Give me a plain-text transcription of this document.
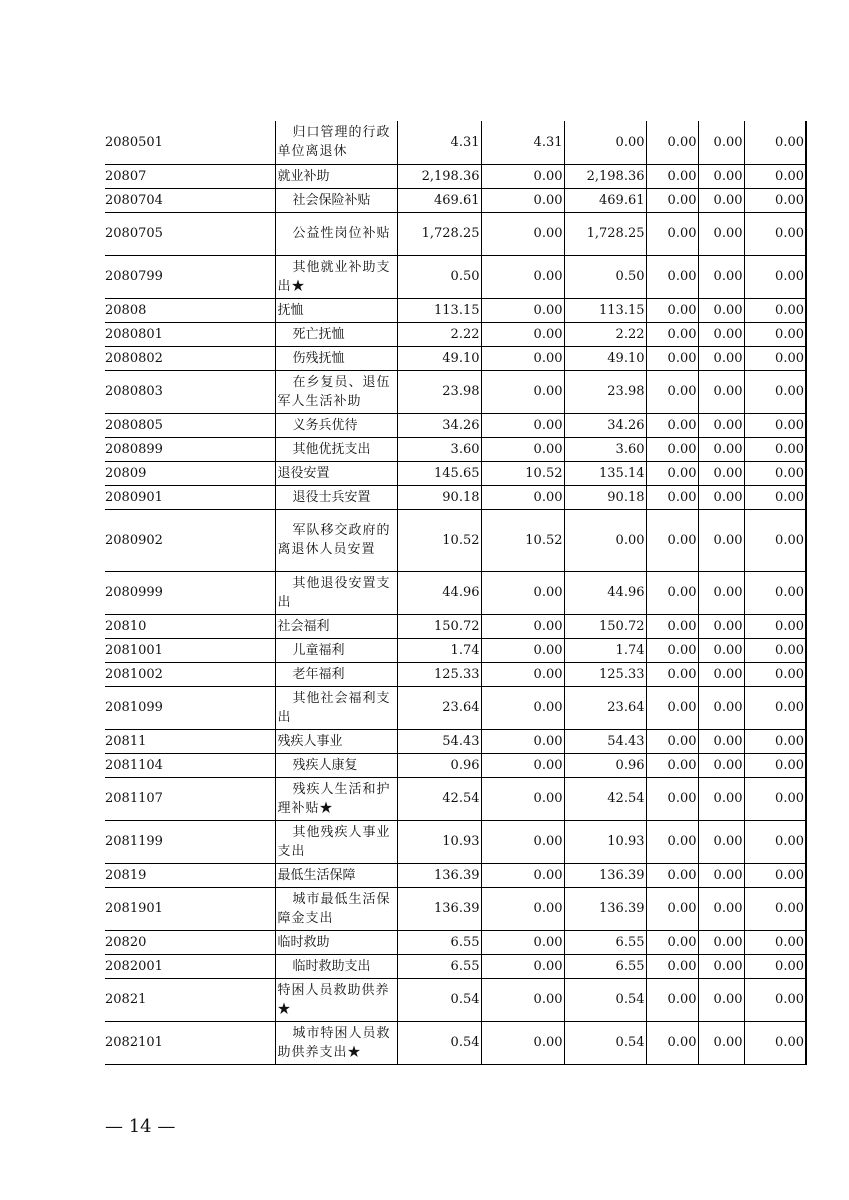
2080501	归口管理的行政单位离退休	4.31	4.31	0.00	0.00	0.00	0.00
20807	就业补助	2,198.36	0.00	2,198.36	0.00	0.00	0.00
2080704	社会保险补贴	469.61	0.00	469.61	0.00	0.00	0.00
2080705	公益性岗位补贴	1,728.25	0.00	1,728.25	0.00	0.00	0.00
2080799	其他就业补助支出★	0.50	0.00	0.50	0.00	0.00	0.00
20808	抚恤	113.15	0.00	113.15	0.00	0.00	0.00
2080801	死亡抚恤	2.22	0.00	2.22	0.00	0.00	0.00
2080802	伤残抚恤	49.10	0.00	49.10	0.00	0.00	0.00
2080803	在乡复员、退伍军人生活补助	23.98	0.00	23.98	0.00	0.00	0.00
2080805	义务兵优待	34.26	0.00	34.26	0.00	0.00	0.00
2080899	其他优抚支出	3.60	0.00	3.60	0.00	0.00	0.00
20809	退役安置	145.65	10.52	135.14	0.00	0.00	0.00
2080901	退役士兵安置	90.18	0.00	90.18	0.00	0.00	0.00
2080902	军队移交政府的离退休人员安置	10.52	10.52	0.00	0.00	0.00	0.00
2080999	其他退役安置支出	44.96	0.00	44.96	0.00	0.00	0.00
20810	社会福利	150.72	0.00	150.72	0.00	0.00	0.00
2081001	儿童福利	1.74	0.00	1.74	0.00	0.00	0.00
2081002	老年福利	125.33	0.00	125.33	0.00	0.00	0.00
2081099	其他社会福利支出	23.64	0.00	23.64	0.00	0.00	0.00
20811	残疾人事业	54.43	0.00	54.43	0.00	0.00	0.00
2081104	残疾人康复	0.96	0.00	0.96	0.00	0.00	0.00
2081107	残疾人生活和护理补贴★	42.54	0.00	42.54	0.00	0.00	0.00
2081199	其他残疾人事业支出	10.93	0.00	10.93	0.00	0.00	0.00
20819	最低生活保障	136.39	0.00	136.39	0.00	0.00	0.00
2081901	城市最低生活保障金支出	136.39	0.00	136.39	0.00	0.00	0.00
20820	临时救助	6.55	0.00	6.55	0.00	0.00	0.00
2082001	临时救助支出	6.55	0.00	6.55	0.00	0.00	0.00
20821	特困人员救助供养★	0.54	0.00	0.54	0.00	0.00	0.00
2082101	城市特困人员救助供养支出★	0.54	0.00	0.54	0.00	0.00	0.00
— 14 —
